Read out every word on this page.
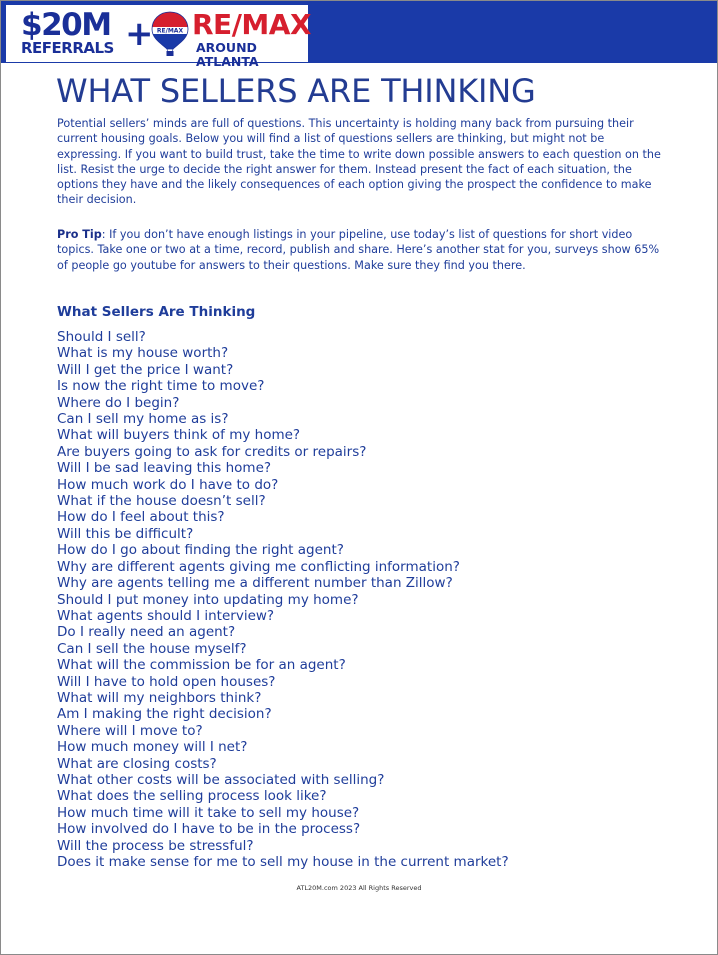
$20M
REFERRALS + RE/MAX RE/MAX
AROUND ATLANTA
WHAT SELLERS ARE THINKING

Potential sellers’ minds are full of questions. This uncertainty is holding many back from pursuing their current housing goals. Below you will find a list of questions sellers are thinking, but might not be expressing. If you want to build trust, take the time to write down possible answers to each question on the list. Resist the urge to decide the right answer for them. Instead present the fact of each situation, the options they have and the likely consequences of each option giving the prospect the confidence to make their decision.

Pro Tip: If you don’t have enough listings in your pipeline, use today’s list of questions for short video topics. Take one or two at a time, record, publish and share. Here’s another stat for you, surveys show 65% of people go youtube for answers to their questions. Make sure they find you there.

What Sellers Are Thinking
Should I sell?
What is my house worth?
Will I get the price I want?
Is now the right time to move?
Where do I begin?
Can I sell my home as is?
What will buyers think of my home?
Are buyers going to ask for credits or repairs?
Will I be sad leaving this home?
How much work do I have to do?
What if the house doesn’t sell?
How do I feel about this?
Will this be difficult?
How do I go about finding the right agent?
Why are different agents giving me conflicting information?
Why are agents telling me a different number than Zillow?
Should I put money into updating my home?
What agents should I interview?
Do I really need an agent?
Can I sell the house myself?
What will the commission be for an agent?
Will I have to hold open houses?
What will my neighbors think?
Am I making the right decision?
Where will I move to?
How much money will I net?
What are closing costs?
What other costs will be associated with selling?
What does the selling process look like?
How much time will it take to sell my house?
How involved do I have to be in the process?
Will the process be stressful?
Does it make sense for me to sell my house in the current market?
ATL20M.com 2023 All Rights Reserved
